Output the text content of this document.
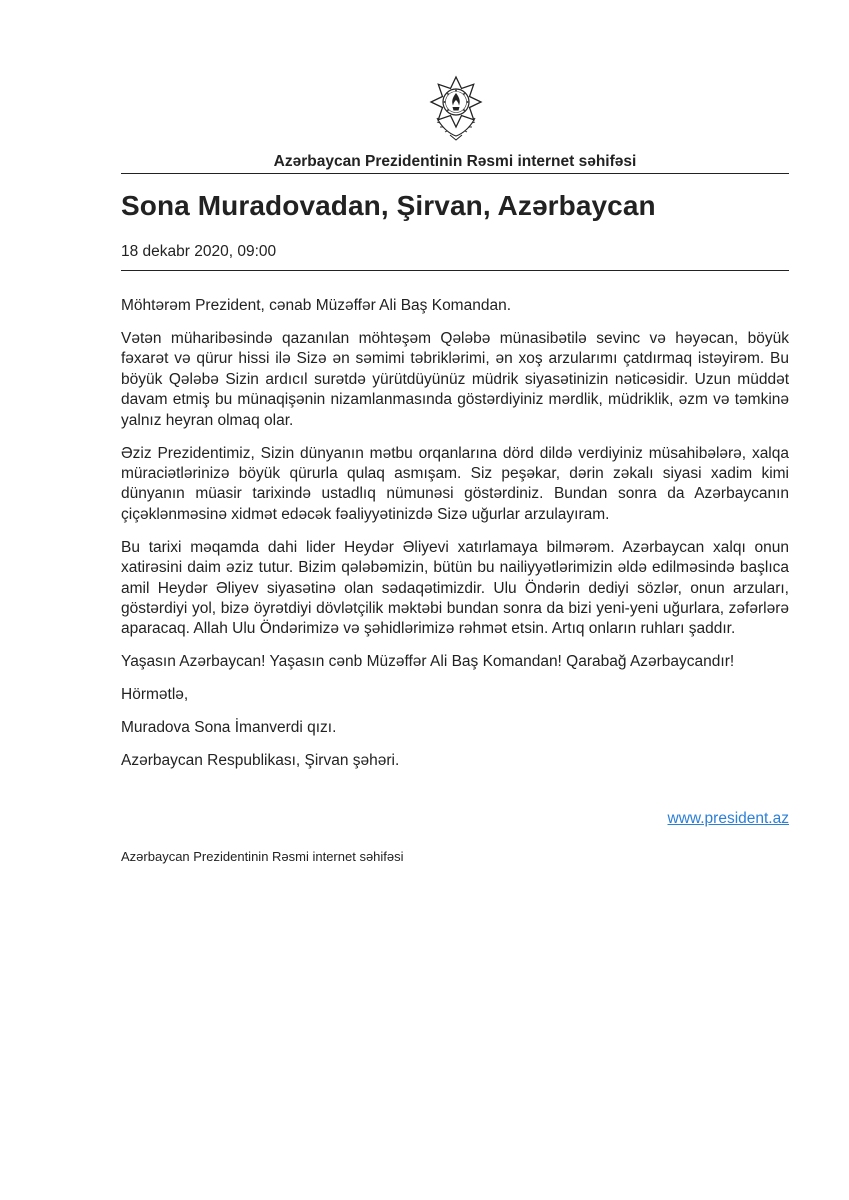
Azərbaycan Prezidentinin Rəsmi internet səhifəsi
Sona Muradovadan, Şirvan, Azərbaycan
18 dekabr 2020, 09:00

Möhtərəm Prezident, cənab Müzəffər Ali Baş Komandan.

Vətən müharibəsində qazanılan möhtəşəm Qələbə münasibətilə sevinc və həyəcan, böyük fəxarət və qürur hissi ilə Sizə ən səmimi təbriklərimi, ən xoş arzularımı çatdırmaq istəyirəm. Bu böyük Qələbə Sizin ardıcıl surətdə yürütdüyünüz müdrik siyasətinizin nəticəsidir. Uzun müddət davam etmiş bu münaqişənin nizamlanmasında göstərdiyiniz mərdlik, müdriklik, əzm və təmkinə yalnız heyran olmaq olar.

Əziz Prezidentimiz, Sizin dünyanın mətbu orqanlarına dörd dildə verdiyiniz müsahibələrə, xalqa müraciətlərinizə böyük qürurla qulaq asmışam. Siz peşəkar, dərin zəkalı siyasi xadim kimi dünyanın müasir tarixində ustadlıq nümunəsi göstərdiniz. Bundan sonra da Azərbaycanın çiçəklənməsinə xidmət edəcək fəaliyyətinizdə Sizə uğurlar arzulayıram.

Bu tarixi məqamda dahi lider Heydər Əliyevi xatırlamaya bilmərəm. Azərbaycan xalqı onun xatirəsini daim əziz tutur. Bizim qələbəmizin, bütün bu nailiyyətlərimizin əldə edilməsində başlıca amil Heydər Əliyev siyasətinə olan sədaqətimizdir. Ulu Öndərin dediyi sözlər, onun arzuları, göstərdiyi yol, bizə öyrətdiyi dövlətçilik məktəbi bundan sonra da bizi yeni-yeni uğurlara, zəfərlərə aparacaq. Allah Ulu Öndərimizə və şəhidlərimizə rəhmət etsin. Artıq onların ruhları şaddır.

Yaşasın Azərbaycan! Yaşasın cənb Müzəffər Ali Baş Komandan! Qarabağ Azərbaycandır!

Hörmətlə,

Muradova Sona İmanverdi qızı.

Azərbaycan Respublikası, Şirvan şəhəri.

www.president.az
Azərbaycan Prezidentinin Rəsmi internet səhifəsi
